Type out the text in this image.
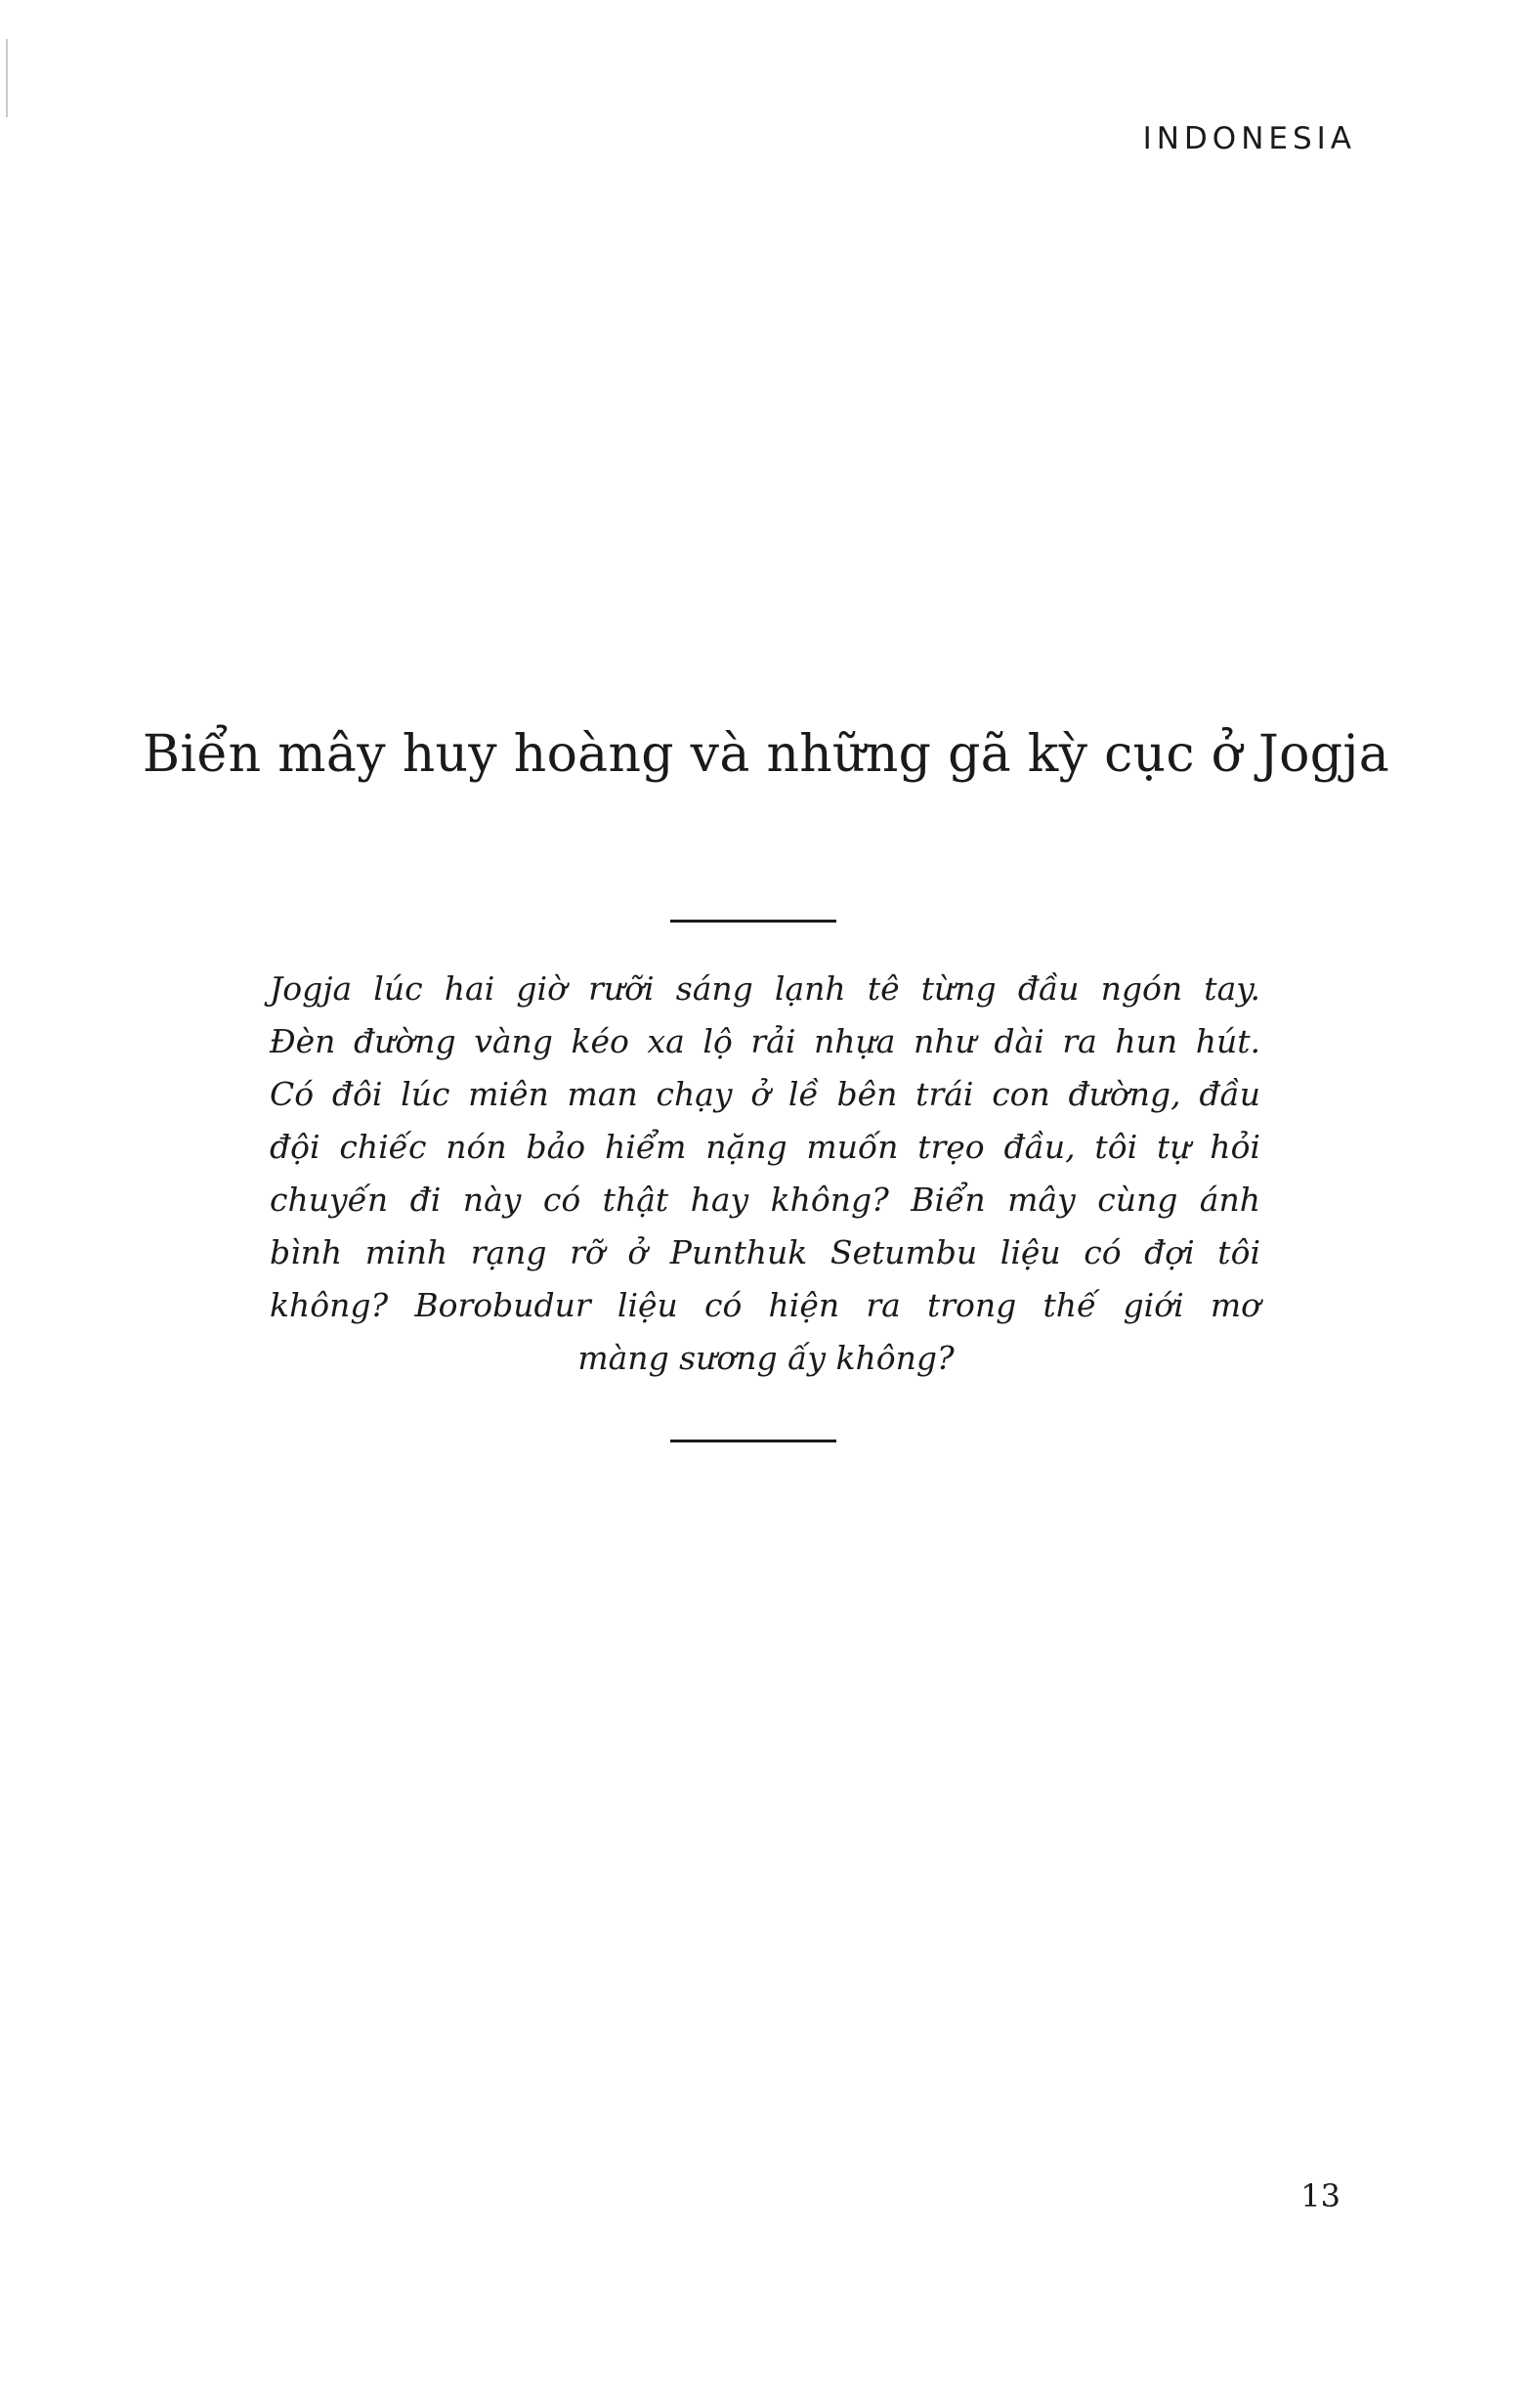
INDONESIA
Biển mây huy hoàng và những gã kỳ cục ở Jogja
Jogja lúc hai giờ rưỡi sáng lạnh tê từng đầu ngón tay.
Đèn đường vàng kéo xa lộ rải nhựa như dài ra hun hút.
Có đôi lúc miên man chạy ở lề bên trái con đường, đầu
đội chiếc nón bảo hiểm nặng muốn trẹo đầu, tôi tự hỏi
chuyến đi này có thật hay không? Biển mây cùng ánh
bình minh rạng rỡ ở Punthuk Setumbu liệu có đợi tôi
không? Borobudur liệu có hiện ra trong thế giới mơ
màng sương ấy không?
13
